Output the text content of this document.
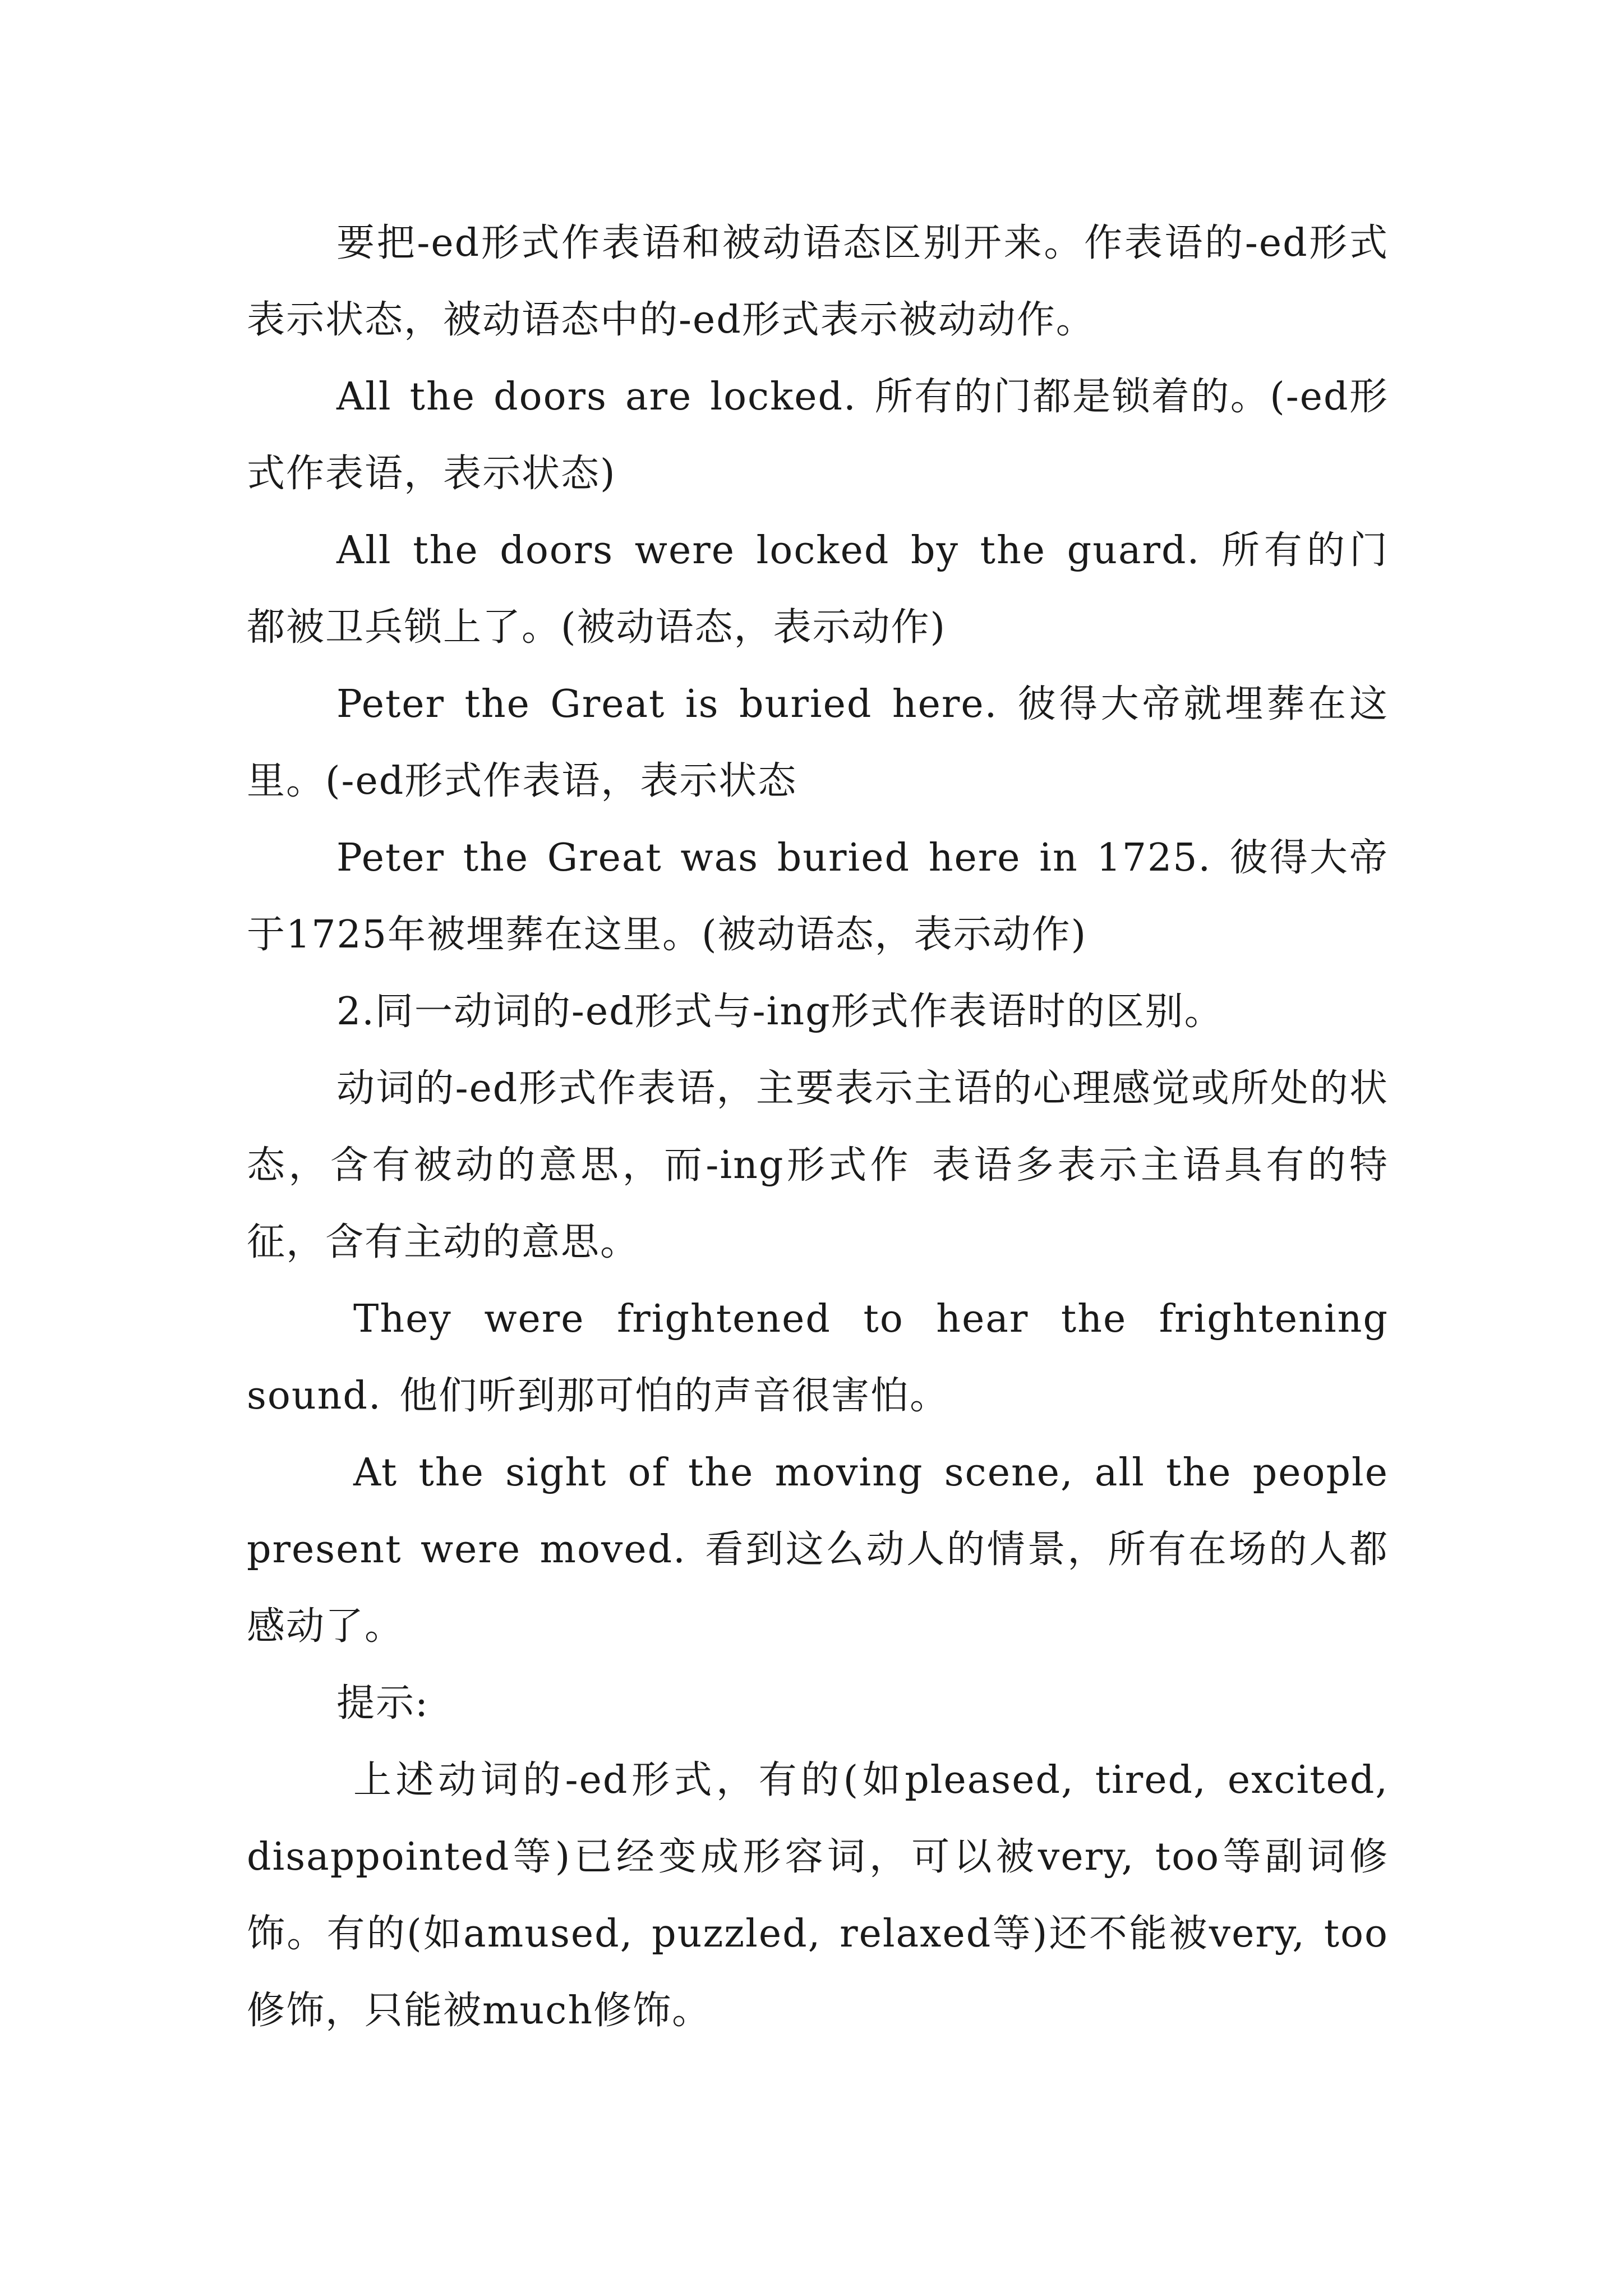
要把-ed形式作表语和被动语态区别开来。作表语的-ed形式表示状态，被动语态中的-ed形式表示被动动作。

All the doors are locked. 所有的门都是锁着的。(-ed形式作表语，表示状态)

All the doors were locked by the guard. 所有的门都被卫兵锁上了。(被动语态，表示动作)

Peter the Great is buried here. 彼得大帝就埋葬在这里。(-ed形式作表语，表示状态

Peter the Great was buried here in 1725. 彼得大帝于1725年被埋葬在这里。(被动语态，表示动作)

2.同一动词的-ed形式与-ing形式作表语时的区别。

动词的-ed形式作表语，主要表示主语的心理感觉或所处的状态，含有被动的意思，而-ing形式作 表语多表示主语具有的特征，含有主动的意思。

They were frightened to hear the frightening sound. 他们听到那可怕的声音很害怕。

At the sight of the moving scene, all the people present were moved. 看到这么动人的情景，所有在场的人都感动了。

提示:

上述动词的-ed形式，有的(如pleased, tired, excited, disappointed等)已经变成形容词，可以被very, too等副词修饰。有的(如amused, puzzled, relaxed等)还不能被very, too修饰，只能被much修饰。
